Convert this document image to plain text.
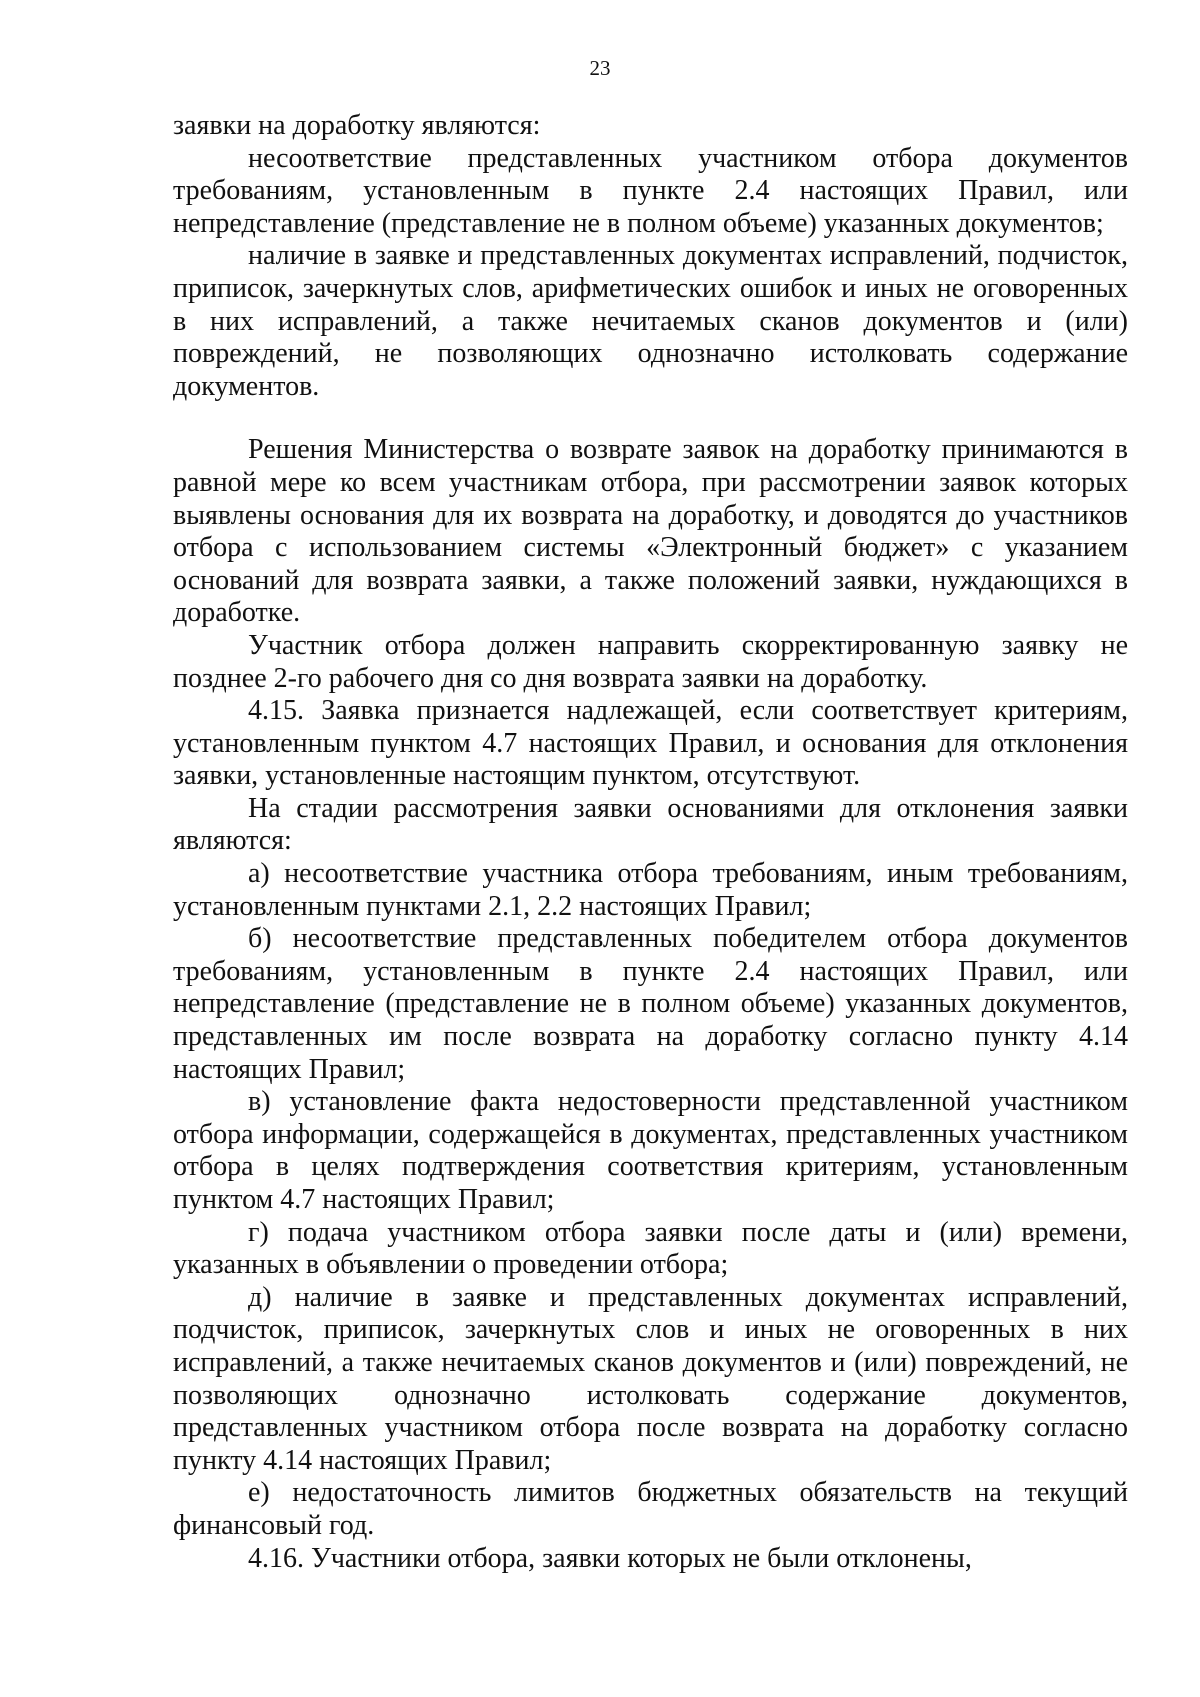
23

заявки на доработку являются:

несоответствие представленных участником отбора документов требованиям, установленным в пункте 2.4 настоящих Правил, или непредставление (представление не в полном объеме) указанных документов;

наличие в заявке и представленных документах исправлений, подчисток, приписок, зачеркнутых слов, арифметических ошибок и иных не оговоренных в них исправлений, а также нечитаемых сканов документов и (или) повреждений, не позволяющих однозначно истолковать содержание документов.

Решения Министерства о возврате заявок на доработку принимаются в равной мере ко всем участникам отбора, при рассмотрении заявок которых выявлены основания для их возврата на доработку, и доводятся до участников отбора с использованием системы «Электронный бюджет» с указанием оснований для возврата заявки, а также положений заявки, нуждающихся в доработке.

Участник отбора должен направить скорректированную заявку не позднее 2-го рабочего дня со дня возврата заявки на доработку.

4.15. Заявка признается надлежащей, если соответствует критериям, установленным пунктом 4.7 настоящих Правил, и основания для отклонения заявки, установленные настоящим пунктом, отсутствуют.

На стадии рассмотрения заявки основаниями для отклонения заявки являются:

а) несоответствие участника отбора требованиям, иным требованиям, установленным пунктами 2.1, 2.2 настоящих Правил;

б) несоответствие представленных победителем отбора документов требованиям, установленным в пункте 2.4 настоящих Правил, или непредставление (представление не в полном объеме) указанных документов, представленных им после возврата на доработку согласно пункту 4.14 настоящих Правил;

в) установление факта недостоверности представленной участником отбора информации, содержащейся в документах, представленных участником отбора в целях подтверждения соответствия критериям, установленным пунктом 4.7 настоящих Правил;

г) подача участником отбора заявки после даты и (или) времени, указанных в объявлении о проведении отбора;

д) наличие в заявке и представленных документах исправлений, подчисток, приписок, зачеркнутых слов и иных не оговоренных в них исправлений, а также нечитаемых сканов документов и (или) повреждений, не позволяющих однозначно истолковать содержание документов, представленных участником отбора после возврата на доработку согласно пункту 4.14 настоящих Правил;

е) недостаточность лимитов бюджетных обязательств на текущий финансовый год.

4.16. Участники отбора, заявки которых не были отклонены,
